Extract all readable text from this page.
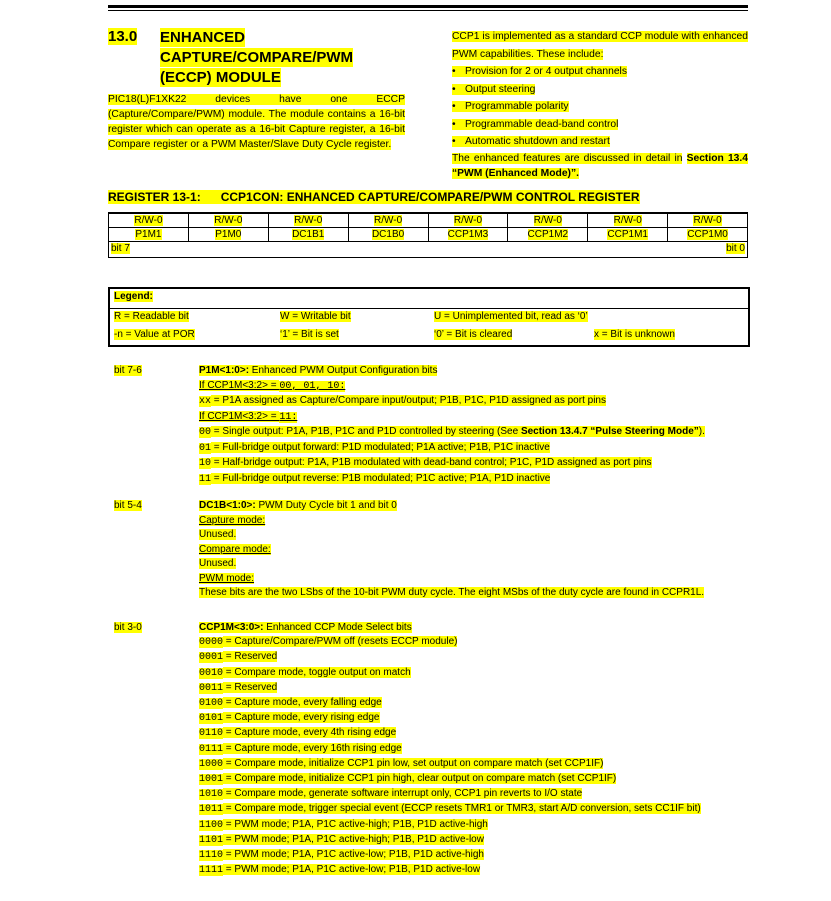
13.0 ENHANCED
CAPTURE/COMPARE/PWM
(ECCP) MODULE
PIC18(L)F1XK22 devices have one ECCP (Capture/Compare/PWM) module. The module contains a 16-bit register which can operate as a 16-bit Capture register, a 16-bit Compare register or a PWM Master/Slave Duty Cycle register.
CCP1 is implemented as a standard CCP module with enhanced PWM capabilities. These include:
• Provision for 2 or 4 output channels
• Output steering
• Programmable polarity
• Programmable dead-band control
• Automatic shutdown and restart
The enhanced features are discussed in detail in Section 13.4 “PWM (Enhanced Mode)”.
REGISTER 13-1:      CCP1CON: ENHANCED CAPTURE/COMPARE/PWM CONTROL REGISTER
R/W-0	R/W-0	R/W-0	R/W-0	R/W-0	R/W-0	R/W-0	R/W-0
P1M1	P1M0	DC1B1	DC1B0	CCP1M3	CCP1M2	CCP1M1	CCP1M0

bit 7 bit 0							
Legend:
R = Readable bit	W = Writable bit	U = Unimplemented bit, read as ‘0’
-n = Value at POR	‘1’ = Bit is set	‘0’ = Bit is cleared	x = Bit is unknown
bit 7-6	P1M<1:0>: Enhanced PWM Output Configuration bits
If CCP1M<3:2> = 00, 01, 10:
xx = P1A assigned as Capture/Compare input/output; P1B, P1C, P1D assigned as port pins
If CCP1M<3:2> = 11:
00 = Single output: P1A, P1B, P1C and P1D controlled by steering (See Section 13.4.7 “Pulse Steering Mode”).
01 = Full-bridge output forward: P1D modulated; P1A active; P1B, P1C inactive
10 = Half-bridge output: P1A, P1B modulated with dead-band control; P1C, P1D assigned as port pins
11 = Full-bridge output reverse: P1B modulated; P1C active; P1A, P1D inactive
bit 5-4	DC1B<1:0>: PWM Duty Cycle bit 1 and bit 0
Capture mode:
Unused.
Compare mode:
Unused.
PWM mode:
These bits are the two LSbs of the 10-bit PWM duty cycle. The eight MSbs of the duty cycle are found in CCPR1L.
bit 3-0	CCP1M<3:0>: Enhanced CCP Mode Select bits
0000 = Capture/Compare/PWM off (resets ECCP module)
0001 = Reserved
0010 = Compare mode, toggle output on match
0011 = Reserved
0100 = Capture mode, every falling edge
0101 = Capture mode, every rising edge
0110 = Capture mode, every 4th rising edge
0111 = Capture mode, every 16th rising edge
1000 = Compare mode, initialize CCP1 pin low, set output on compare match (set CCP1IF)
1001 = Compare mode, initialize CCP1 pin high, clear output on compare match (set CCP1IF)
1010 = Compare mode, generate software interrupt only, CCP1 pin reverts to I/O state
1011 = Compare mode, trigger special event (ECCP resets TMR1 or TMR3, start A/D conversion, sets CC1IF bit)
1100 = PWM mode; P1A, P1C active-high; P1B, P1D active-high
1101 = PWM mode; P1A, P1C active-high; P1B, P1D active-low
1110 = PWM mode; P1A, P1C active-low; P1B, P1D active-high
1111 = PWM mode; P1A, P1C active-low; P1B, P1D active-low
